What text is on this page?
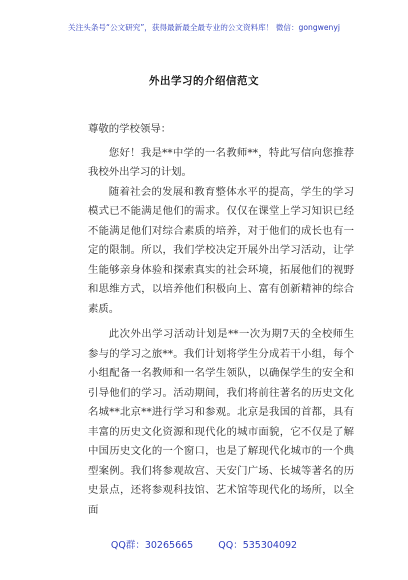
关注头条号“公文研究”，获得最新最全最专业的公文资料库！ 微信：gongwenyj
外出学习的介绍信范文

尊敬的学校领导：

您好！我是**中学的一名教师**，特此写信向您推荐我校外出学习的计划。

随着社会的发展和教育整体水平的提高，学生的学习模式已不能满足他们的需求。仅仅在课堂上学习知识已经不能满足他们对综合素质的培养，对于他们的成长也有一定的限制。所以，我们学校决定开展外出学习活动，让学生能够亲身体验和探索真实的社会环境，拓展他们的视野和思维方式，以培养他们积极向上、富有创新精神的综合素质。

此次外出学习活动计划是**一次为期7天的全校师生参与的学习之旅**。我们计划将学生分成若干小组，每个小组配备一名教师和一名学生领队，以确保学生的安全和引导他们的学习。活动期间，我们将前往著名的历史文化名城**北京**进行学习和参观。北京是我国的首都，具有丰富的历史文化资源和现代化的城市面貌，它不仅是了解中国历史文化的一个窗口，也是了解现代化城市的一个典型案例。我们将参观故宫、天安门广场、长城等著名的历史景点，还将参观科技馆、艺术馆等现代化的场所，以全面

QQ群：30265665	QQ：535304092
